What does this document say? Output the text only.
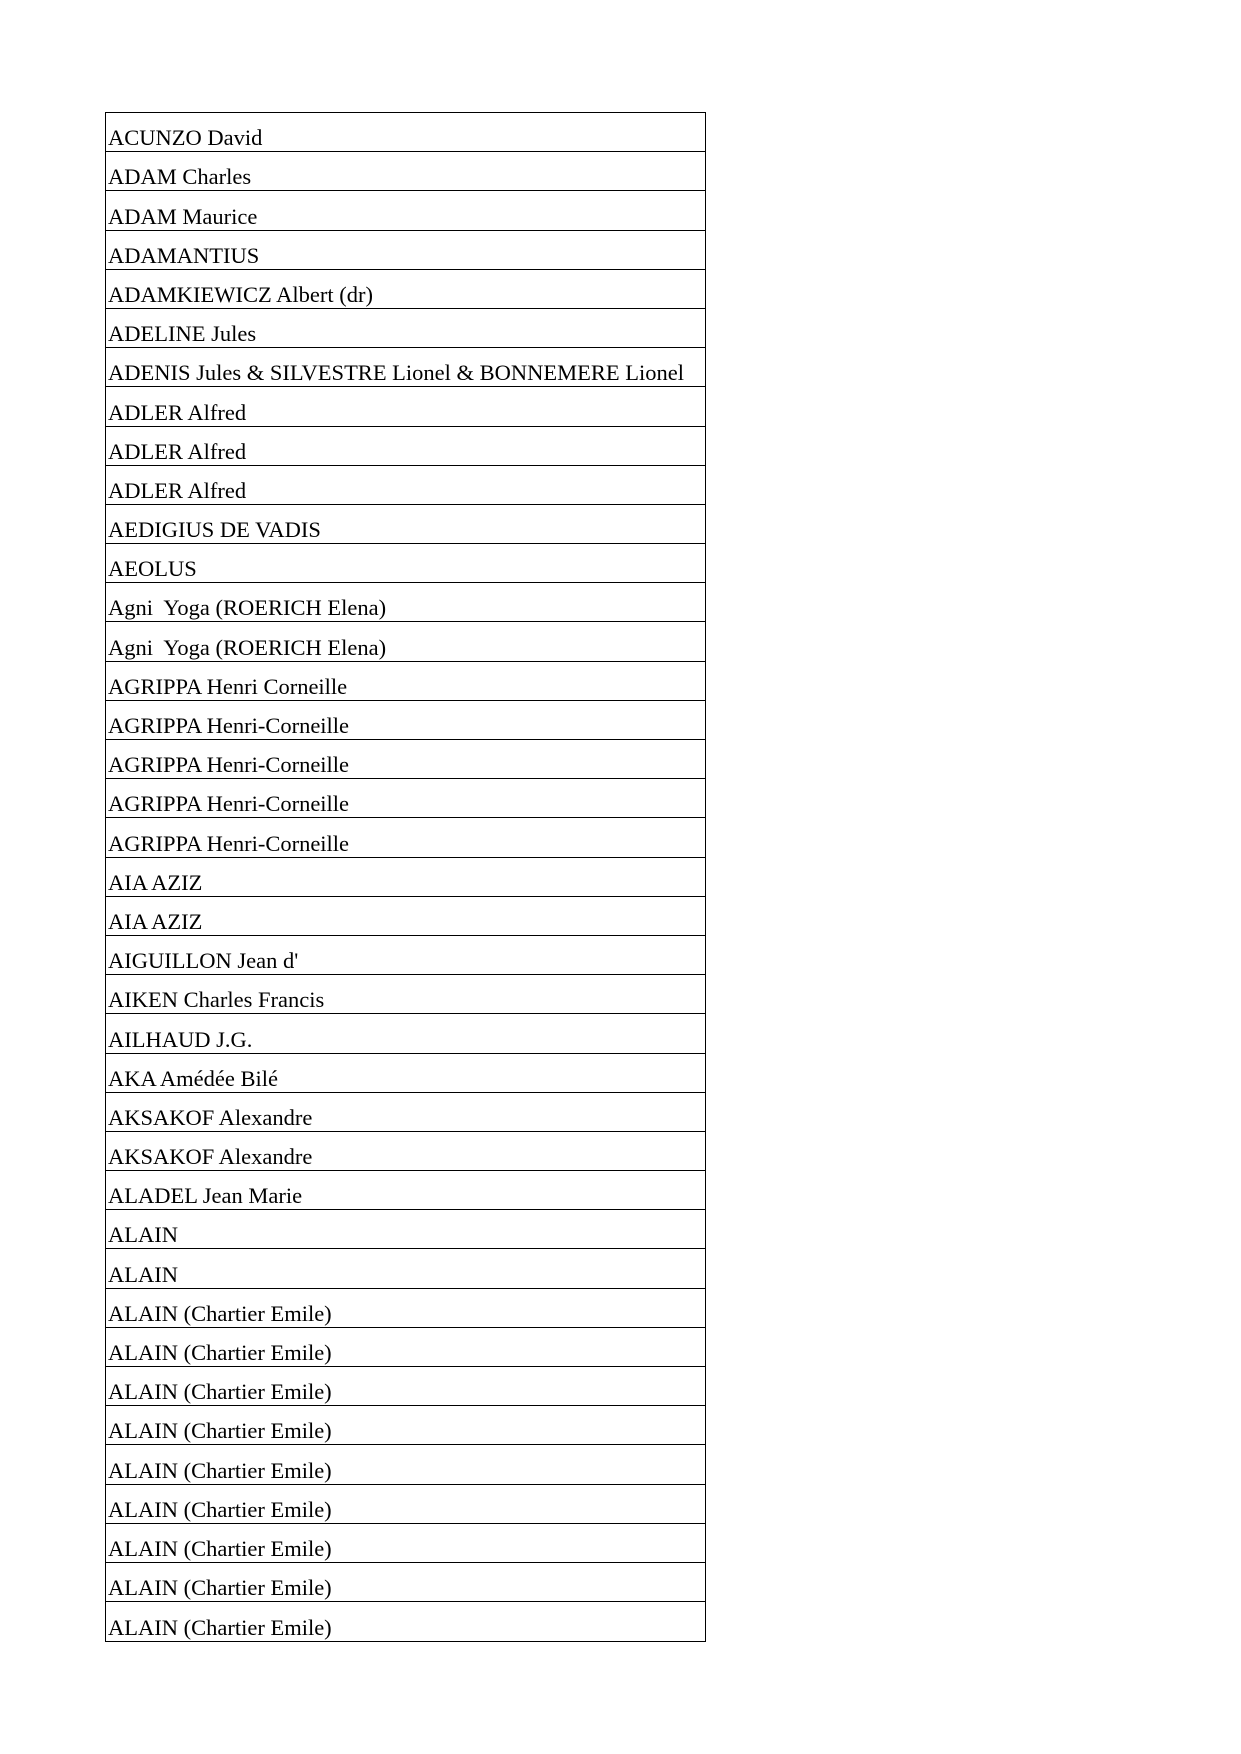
ACUNZO David
ADAM Charles
ADAM Maurice
ADAMANTIUS
ADAMKIEWICZ Albert (dr)
ADELINE Jules
ADENIS Jules & SILVESTRE Lionel & BONNEMERE Lionel
ADLER Alfred
ADLER Alfred
ADLER Alfred
AEDIGIUS DE VADIS
AEOLUS
Agni  Yoga (ROERICH Elena)
Agni  Yoga (ROERICH Elena)
AGRIPPA Henri Corneille
AGRIPPA Henri-Corneille
AGRIPPA Henri-Corneille
AGRIPPA Henri-Corneille
AGRIPPA Henri-Corneille
AIA AZIZ
AIA AZIZ
AIGUILLON Jean d'
AIKEN Charles Francis
AILHAUD J.G.
AKA Amédée Bilé
AKSAKOF Alexandre
AKSAKOF Alexandre
ALADEL Jean Marie
ALAIN
ALAIN
ALAIN (Chartier Emile)
ALAIN (Chartier Emile)
ALAIN (Chartier Emile)
ALAIN (Chartier Emile)
ALAIN (Chartier Emile)
ALAIN (Chartier Emile)
ALAIN (Chartier Emile)
ALAIN (Chartier Emile)
ALAIN (Chartier Emile)
